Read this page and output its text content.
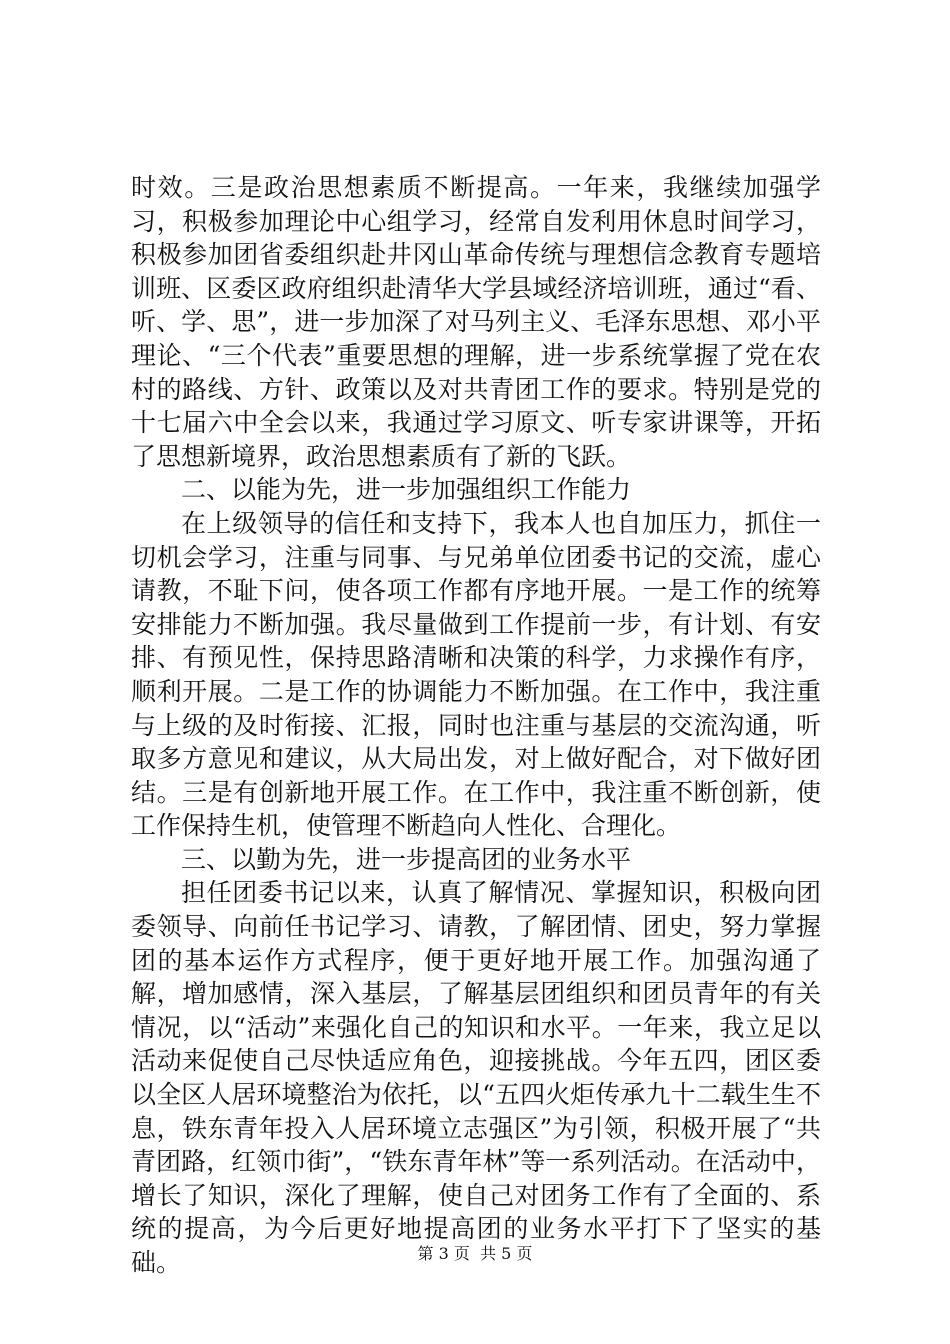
时效。三是政治思想素质不断提高。一年来，我继续加强学习，积极参加理论中心组学习，经常自发利用休息时间学习，积极参加团省委组织赴井冈山革命传统与理想信念教育专题培训班、区委区政府组织赴清华大学县域经济培训班，通过“看、听、学、思”，进一步加深了对马列主义、毛泽东思想、邓小平理论、“三个代表”重要思想的理解，进一步系统掌握了党在农村的路线、方针、政策以及对共青团工作的要求。特别是党的十七届六中全会以来，我通过学习原文、听专家讲课等，开拓了思想新境界，政治思想素质有了新的飞跃。

二、以能为先，进一步加强组织工作能力

在上级领导的信任和支持下，我本人也自加压力，抓住一切机会学习，注重与同事、与兄弟单位团委书记的交流，虚心请教，不耻下问，使各项工作都有序地开展。一是工作的统筹安排能力不断加强。我尽量做到工作提前一步，有计划、有安排、有预见性，保持思路清晰和决策的科学，力求操作有序，顺利开展。二是工作的协调能力不断加强。在工作中，我注重与上级的及时衔接、汇报，同时也注重与基层的交流沟通，听取多方意见和建议，从大局出发，对上做好配合，对下做好团结。三是有创新地开展工作。在工作中，我注重不断创新，使工作保持生机，使管理不断趋向人性化、合理化。

三、以勤为先，进一步提高团的业务水平

担任团委书记以来，认真了解情况、掌握知识，积极向团委领导、向前任书记学习、请教，了解团情、团史，努力掌握团的基本运作方式程序，便于更好地开展工作。加强沟通了解，增加感情，深入基层，了解基层团组织和团员青年的有关情况，以“活动”来强化自己的知识和水平。一年来，我立足以活动来促使自己尽快适应角色，迎接挑战。今年五四，团区委以全区人居环境整治为依托，以“五四火炬传承九十二载生生不息，铁东青年投入人居环境立志强区”为引领，积极开展了“共青团路，红领巾街”，“铁东青年林”等一系列活动。在活动中，增长了知识，深化了理解，使自己对团务工作有了全面的、系统的提高，为今后更好地提高团的业务水平打下了坚实的基础。	第 3 页  共 5 页
